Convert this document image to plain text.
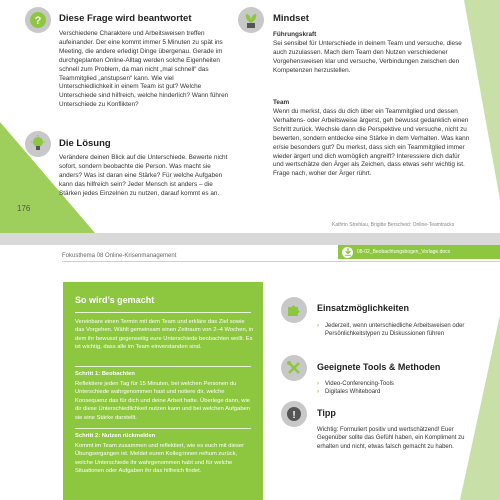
? Diese Frage wird beantwortet
Verschiedene Charaktere und Arbeitsweisen treffen aufeinander. Der eine kommt immer 5 Minuten zu spät ins Meeting, die andere erledigt Dinge übergenau. Gerade im durchgeplanten Online-Alltag werden solche Eigenheiten schnell zum Problem, da man nicht „mal schnell“ das Teammitglied „anstupsen“ kann. Wie viel Unterschiedlichkeit in einem Team ist gut? Welche Unterschiede sind hilfreich, welche hinderlich? Wann führen Unterschiede zu Konflikten?
Die Lösung
Verändere deinen Blick auf die Unterschiede. Bewerte nicht sofort, sondern beobachte die Person. Was macht sie anders? Was ist daran eine Stärke? Für welche Aufgaben kann das hilfreich sein? Jeder Mensch ist anders – die Stärken jedes Einzelnen zu nutzen, darauf kommt es an.
Mindset
Führungskraft
Sei sensibel für Unterschiede in deinem Team und versuche, diese auch zuzulassen. Mach dem Team den Nutzen verschiedener Vorgehensweisen klar und versuche, Verbindungen zwischen den Kompetenzen herzustellen.
Team
Wenn du merkst, dass du dich über ein Teammitglied und dessen Verhaltens- oder Arbeitsweise ärgerst, geh bewusst gedanklich einen Schritt zurück. Wechsle dann die Perspektive und versuche, nicht zu bewerten, sondern entdecke eine Stärke in dem Verhalten. Was kann er/sie besonders gut? Du merkst, dass sich ein Teammitglied immer wieder ärgert und dich womöglich angreift? Interessiere dich dafür und wertschätze den Ärger als Zeichen, dass etwas sehr wichtig ist. Frage nach, woher der Ärger rührt.
176
Kathrin Strehlau, Brigitte Berscheid: Online-Teamtracks
Fokusthema 08 Online-Krisenmanagement
08-02_Beobachtungsbogen_Vorlage.docx
So wird’s gemacht
Vereinbare einen Termin mit dem Team und erkläre das Ziel sowie das Vorgehen. Wählt gemeinsam einen Zeitraum von 2–4 Wochen, in dem ihr bewusst gegenseitig eure Unterschiede beobachten wollt. Es ist wichtig, dass alle im Team einverstanden sind.
Schritt 1: Beobachten
Reflektiere jeden Tag für 15 Minuten, bei welchen Personen du Unterschiede wahrgenommen hast und notiere dir, welche Konsequenz das für dich und deine Arbeit hatte. Überlege dann, wie dir diese Unterschiedlichkeit nutzen kann und bei welchen Aufgaben sie eine Stärke darstellt.
Schritt 2: Nutzen rückmelden
Kommt im Team zusammen und reflektiert, wie es euch mit dieser Übungsergangen ist. Meldet euren Kolleg:innen reihum zurück, welche Unterschiede ihr wahrgenommen habt und für welche Situationen oder Aufgaben ihr das hilfreich findet.
Einsatzmöglichkeiten
› Jederzeit, wenn unterschiedliche Arbeitsweisen oder Persönlichkeitstypen zu Diskussionen führen
Geeignete Tools & Methoden
› Video-Conferencing-Tools
› Digitales Whiteboard
! Tipp
Wichtig: Formuliert positiv und wertschätzend! Euer Gegenüber sollte das Gefühl haben, ein Kompliment zu erhalten und nicht, etwas falsch gemacht zu haben.
